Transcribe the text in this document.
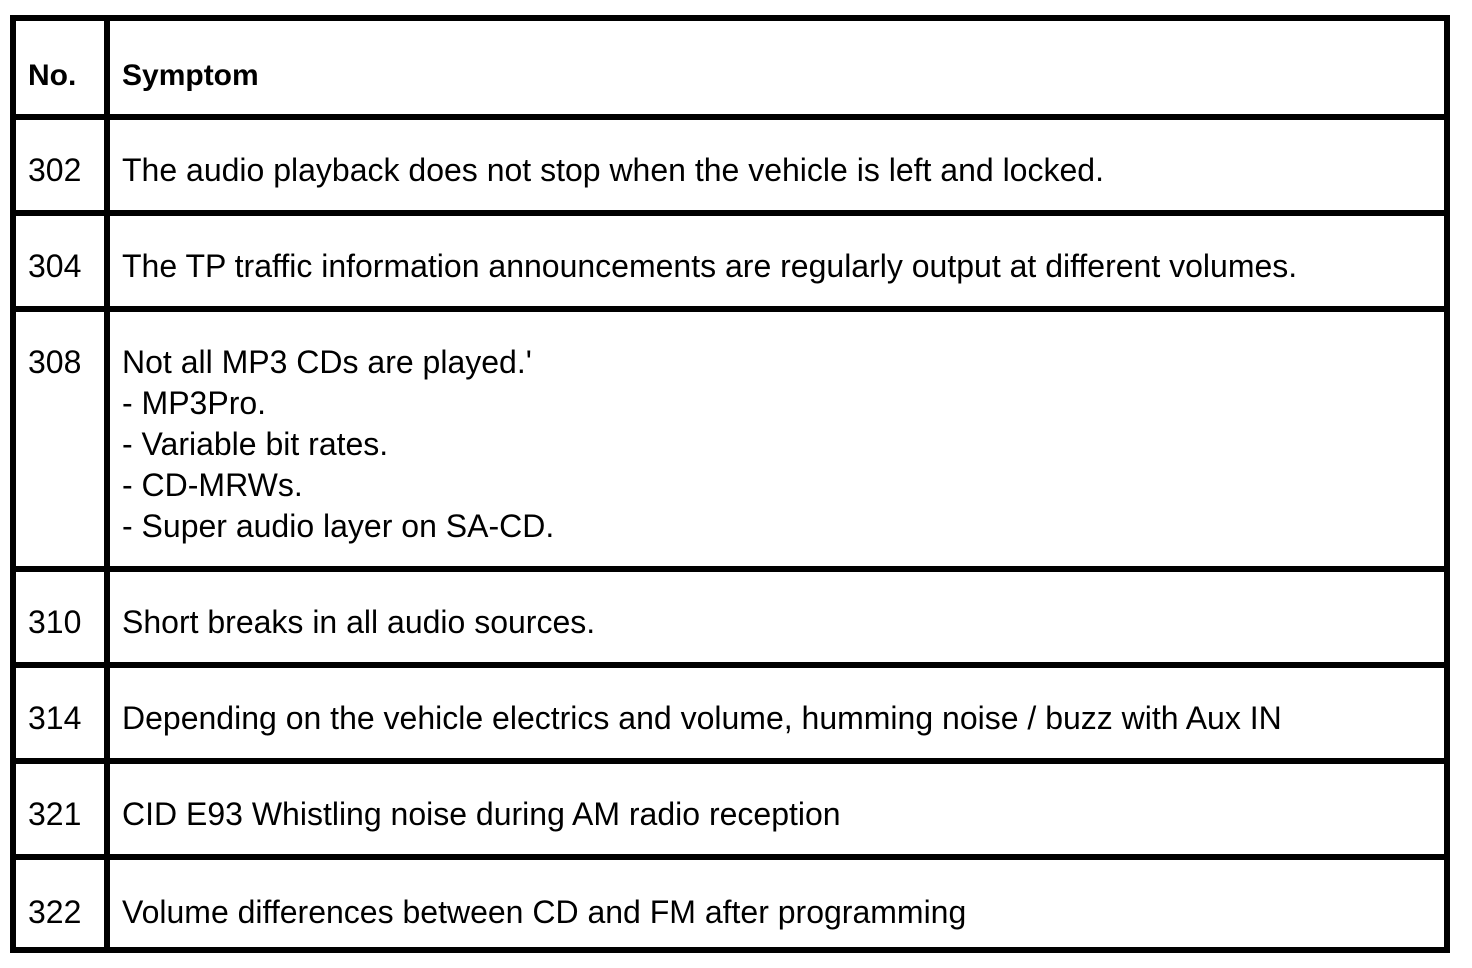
No.	Symptom
302	The audio playback does not stop when the vehicle is left and locked.
304	The TP traffic information announcements are regularly output at different volumes.
308	Not all MP3 CDs are played.'
- MP3Pro.
- Variable bit rates.
- CD-MRWs.
- Super audio layer on SA-CD.
310	Short breaks in all audio sources.
314	Depending on the vehicle electrics and volume, humming noise / buzz with Aux IN
321	CID E93 Whistling noise during AM radio reception
322	Volume differences between CD and FM after programming
